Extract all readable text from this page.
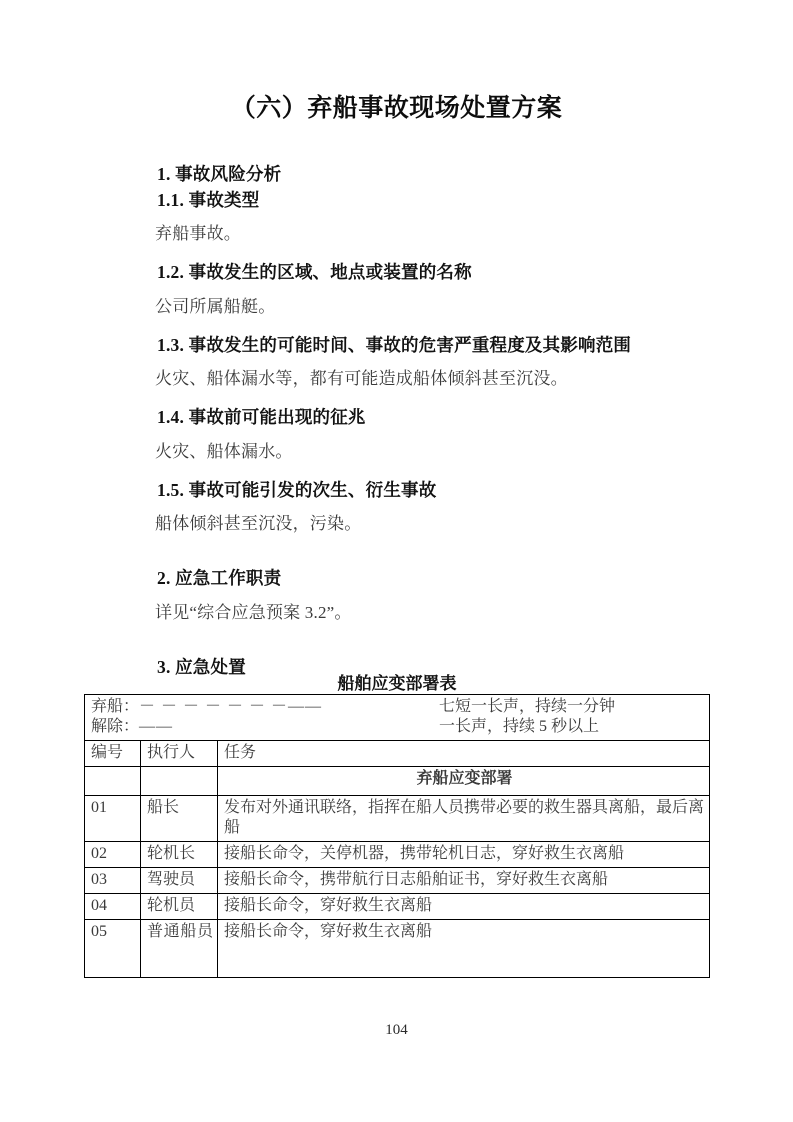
（六）弃船事故现场处置方案
1. 事故风险分析
1.1. 事故类型
弃船事故。
1.2. 事故发生的区域、地点或装置的名称
公司所属船艇。
1.3. 事故发生的可能时间、事故的危害严重程度及其影响范围
火灾、船体漏水等，都有可能造成船体倾斜甚至沉没。
1.4. 事故前可能出现的征兆
火灾、船体漏水。
1.5. 事故可能引发的次生、衍生事故
船体倾斜甚至沉没，污染。
2. 应急工作职责
详见“综合应急预案 3.2”。
3. 应急处置
船舶应变部署表
弃船： － － － － － － －——	七短一长声，持续一分钟
解除： ——	一长声，持续 5 秒以上

编号	执行人	任务
		弃船应变部署
01	船长	发布对外通讯联络，指挥在船人员携带必要的救生器具离船，最后离船
02	轮机长	接船长命令，关停机器，携带轮机日志，穿好救生衣离船
03	驾驶员	接船长命令，携带航行日志船舶证书，穿好救生衣离船
04	轮机员	接船长命令，穿好救生衣离船
05	普通船员	接船长命令，穿好救生衣离船
104
